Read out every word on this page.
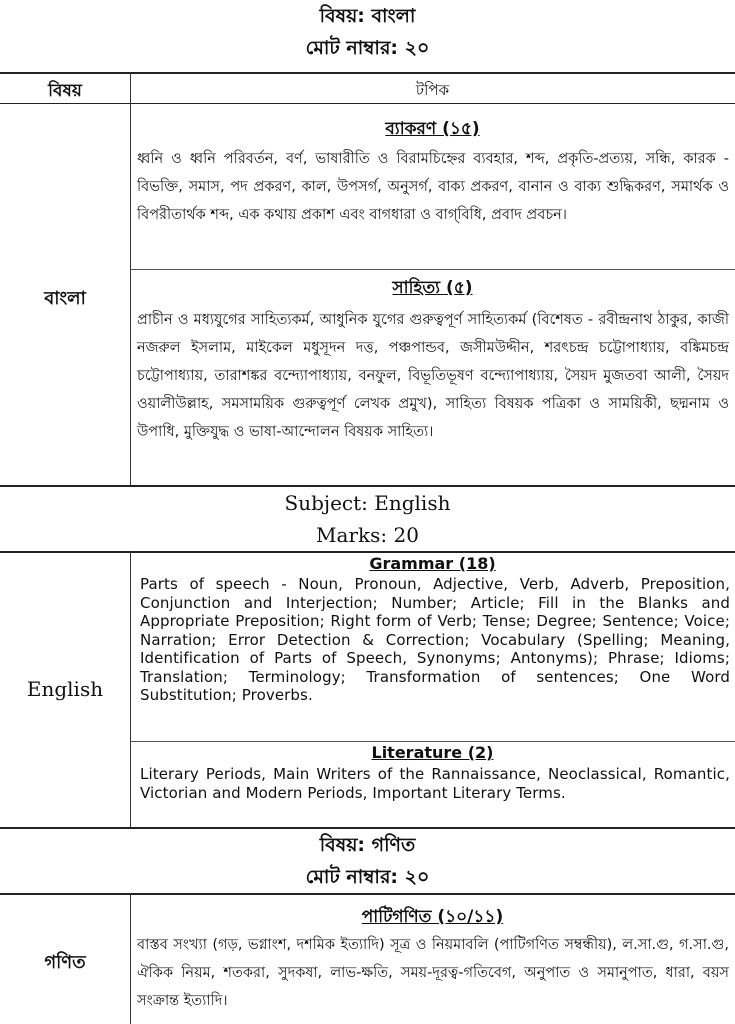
বিষয়: বাংলা
মোট নাম্বার: ২০
বিষয়	টপিক
বাংলা
ব্যাকরণ (১৫)
ধ্বনি ও ধ্বনি পরিবর্তন, বর্ণ, ভাষারীতি ও বিরামচিহ্নের ব্যবহার, শব্দ, প্রকৃতি-প্রত্যয়, সন্ধি, কারক - বিভক্তি, সমাস, পদ প্রকরণ, কাল, উপসর্গ, অনুসর্গ, বাক্য প্রকরণ, বানান ও বাক্য শুদ্ধিকরণ, সমার্থক ও বিপরীতার্থক শব্দ, এক কথায় প্রকাশ এবং বাগধারা ও বাগ্‌বিধি, প্রবাদ প্রবচন।
সাহিত্য (৫)
প্রাচীন ও মধ্যযুগের সাহিত্যকর্ম, আধুনিক যুগের গুরুত্বপূর্ণ সাহিত্যকর্ম (বিশেষত - রবীন্দ্রনাথ ঠাকুর, কাজী নজরুল ইসলাম, মাইকেল মধুসূদন দত্ত, পঞ্চপান্ডব, জসীমউদ্দীন, শরৎচন্দ্র চট্টোপাধ্যায়, বঙ্কিমচন্দ্র চট্টোপাধ্যায়, তারাশঙ্কর বন্দ্যোপাধ্যায়, বনফুল, বিভূতিভূষণ বন্দ্যোপাধ্যায়, সৈয়দ মুজতবা আলী, সৈয়দ ওয়ালীউল্লাহ, সমসাময়িক গুরুত্বপূর্ণ লেখক প্রমুখ), সাহিত্য বিষয়ক পত্রিকা ও সাময়িকী, ছদ্মনাম ও উপাধি, মুক্তিযুদ্ধ ও ভাষা-আন্দোলন বিষয়ক সাহিত্য।
Subject: English
Marks: 20
English
Grammar (18)
Parts of speech - Noun, Pronoun, Adjective, Verb, Adverb, Preposition, Conjunction and Interjection; Number; Article; Fill in the Blanks and Appropriate Preposition; Right form of Verb; Tense; Degree; Sentence; Voice; Narration; Error Detection & Correction; Vocabulary (Spelling; Meaning, Identification of Parts of Speech, Synonyms; Antonyms); Phrase; Idioms; Translation; Terminology; Transformation of sentences; One Word Substitution; Proverbs.
Literature (2)
Literary Periods, Main Writers of the Rannaissance, Neoclassical, Romantic, Victorian and Modern Periods, Important Literary Terms.
বিষয়: গণিত
মোট নাম্বার: ২০
গণিত
পাটিগণিত (১০/১১)
বাস্তব সংখ্যা (গড়, ভগ্নাংশ, দশমিক ইত্যাদি) সূত্র ও নিয়মাবলি (পাটিগণিত সম্বন্ধীয়), ল.সা.গু, গ.সা.গু, ঐকিক নিয়ম, শতকরা, সুদকষা, লাভ-ক্ষতি, সময়-দূরত্ব-গতিবেগ, অনুপাত ও সমানুপাত, ধারা, বয়স সংক্রান্ত ইত্যাদি।
